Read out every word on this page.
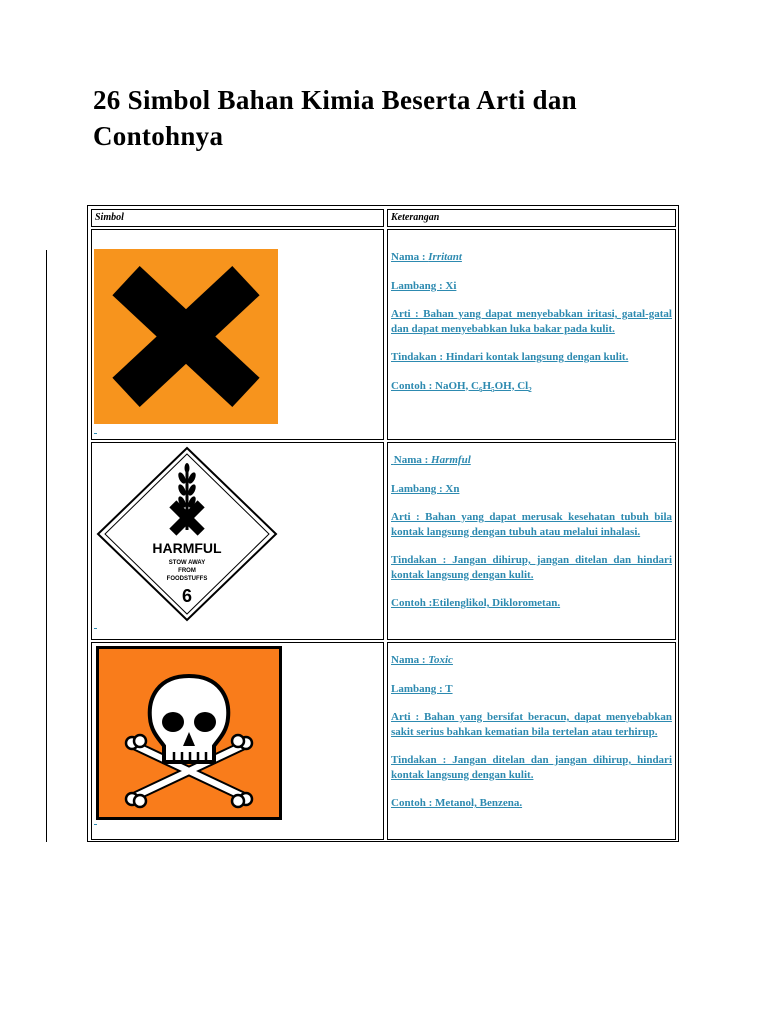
26 Simbol Bahan Kimia Beserta Arti dan Contohnya
Simbol	Keterangan

Nama : Irritant

Lambang : Xi

Arti : Bahan yang dapat menyebabkan iritasi, gatal-gatal dan dapat menyebabkan luka bakar pada kulit.

Tindakan : Hindari kontak langsung dengan kulit.

Contoh : NaOH, $C_6H_5OH$, $Cl_2$

HARMFUL
STOW AWAY
FROM
FOODSTUFFS
6

Nama : Harmful

Lambang : Xn

Arti : Bahan yang dapat merusak kesehatan tubuh bila kontak langsung dengan tubuh atau melalui inhalasi.

Tindakan : Jangan dihirup, jangan ditelan dan hindari kontak langsung dengan kulit.

Contoh :Etilenglikol, Diklorometan.

Nama : Toxic

Lambang : T

Arti : Bahan yang bersifat beracun, dapat menyebabkan sakit serius bahkan kematian bila tertelan atau terhirup.

Tindakan : Jangan ditelan dan jangan dihirup, hindari kontak langsung dengan kulit.

Contoh : Metanol, Benzena.
